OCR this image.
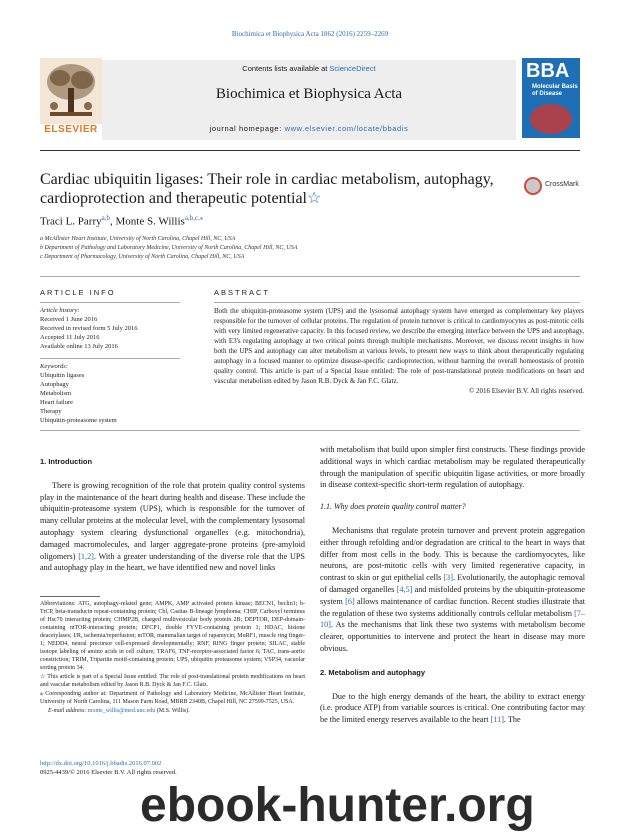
Biochimica et Biophysica Acta 1862 (2016) 2259–2269
ELSEVIER
Contents lists available at ScienceDirect
Biochimica et Biophysica Acta
journal homepage: www.elsevier.com/locate/bbadis
BBA
Molecular Basis of Disease
Cardiac ubiquitin ligases: Their role in cardiac metabolism, autophagy, cardioprotection and therapeutic potential☆
CrossMark
Traci L. Parry$^{a,b}$, Monte S. Willis$^{a,b,c,⁎}$
a McAllister Heart Institute, University of North Carolina, Chapel Hill, NC, USA
b Department of Pathology and Laboratory Medicine, University of North Carolina, Chapel Hill, NC, USA
c Department of Pharmacology, University of North Carolina, Chapel Hill, NC, USA
ARTICLE INFO	ABSTRACT
Article history:
Received 1 June 2016
Received in revised form 5 July 2016
Accepted 11 July 2016
Available online 13 July 2016
Keywords:
Ubiquitin ligases
Autophagy
Metabolism
Heart failure
Therapy
Ubiquitin-proteasome system
Both the ubiquitin-proteasome system (UPS) and the lysosomal autophagy system have emerged as complementary key players responsible for the turnover of cellular proteins. The regulation of protein turnover is critical to cardiomyocytes as post-mitotic cells with very limited regenerative capacity. In this focused review, we describe the emerging interface between the UPS and autophagy, with E3's regulating autophagy at two critical points through multiple mechanisms. Moreover, we discuss recent insights in how both the UPS and autophagy can alter metabolism at various levels, to present new ways to think about therapeutically regulating autophagy in a focused manner to optimize disease-specific cardioprotection, without harming the overall homeostasis of protein quality control. This article is part of a Special Issue entitled: The role of post-translational protein modifications on heart and vascular metabolism edited by Jason R.B. Dyck & Jan F.C. Glatz.
© 2016 Elsevier B.V. All rights reserved.
1. Introduction

There is growing recognition of the role that protein quality control systems play in the maintenance of the heart during health and disease. These include the ubiquitin-proteasome system (UPS), which is responsible for the turnover of many cellular proteins at the molecular level, with the complementary lysosomal autophagy system clearing dysfunctional organelles (e.g. mitochondria), damaged macromolecules, and larger aggregate-prone proteins (pre-amyloid oligomers) [1,2]. With a greater understanding of the diverse role that the UPS and autophagy play in the heart, we have identified new and novel links

Abbreviations: ATG, autophagy-related gene; AMPK, AMP activated protein kinase; BECN1, beclin1; b-TrCP, beta-transducin repeat-containing protein; Cbl, Casitas B-lineage lymphoma; CHIP, Carboxyl terminus of Hsc70 interacting protein; CHMP2B, charged multivesicular body protein 2B; DEPTOR, DEP-domain-containing mTOR-interacting protein; DFCP1, double FYVE-containing protein 1; HDAC, histone deacetylases; I/R, ischemia/reperfusion; mTOR, mammalian target of rapamycin; MuRF1, muscle ring finger-1; NEDD4, neural precursor cell-expressed developmentally; RNF, RING finger protein; SILAC, stable isotope labeling of amino acids in cell culture; TRAF6, TNF-receptor-associated factor 6; TAC, trans-aortic constriction; TRIM, Tripartite motif-containing protein; UPS, ubiquitin proteasome system; VSP34, vacuolar sorting protein 34.

☆ This article is part of a Special Issue entitled: The role of post-translational protein modifications on heart and vascular metabolism edited by Jason R.B. Dyck & Jan F.C. Glatz.

⁎ Corresponding author at: Department of Pathology and Laboratory Medicine, McAllister Heart Institute, University of North Carolina, 111 Mason Farm Road, MBRB 2340B, Chapel Hill, NC 27599-7525, USA.

E-mail address: monte_willis@med.unc.edu (M.S. Willis).

http://dx.doi.org/10.1016/j.bbadis.2016.07.002
0925-4439/© 2016 Elsevier B.V. All rights reserved.

with metabolism that build upon simpler first constructs. These findings provide additional ways in which cardiac metabolism may be regulated therapeutically through the manipulation of specific ubiquitin ligase activities, or more broadly in disease context-specific short-term regulation of autophagy.

1.1. Why does protein quality control matter?

Mechanisms that regulate protein turnover and prevent protein aggregation either through refolding and/or degradation are critical to the heart in ways that differ from most cells in the body. This is because the cardiomyocytes, like neurons, are post-mitotic cells with very limited regenerative capacity, in contrast to skin or gut epithelial cells [3]. Evolutionarily, the autophagic removal of damaged organelles [4,5] and misfolded proteins by the ubiquitin-proteasome system [6] allows maintenance of cardiac function. Recent studies illustrate that the regulation of these two systems additionally controls cellular metabolism [7–10]. As the mechanisms that link these two systems with metabolism become clearer, opportunities to intervene and protect the heart in disease may more obvious.

2. Metabolism and autophagy

Due to the high energy demands of the heart, the ability to extract energy (i.e. produce ATP) from variable sources is critical. One contributing factor may be the limited energy reserves available to the heart [11]. The

ebook-hunter.org
